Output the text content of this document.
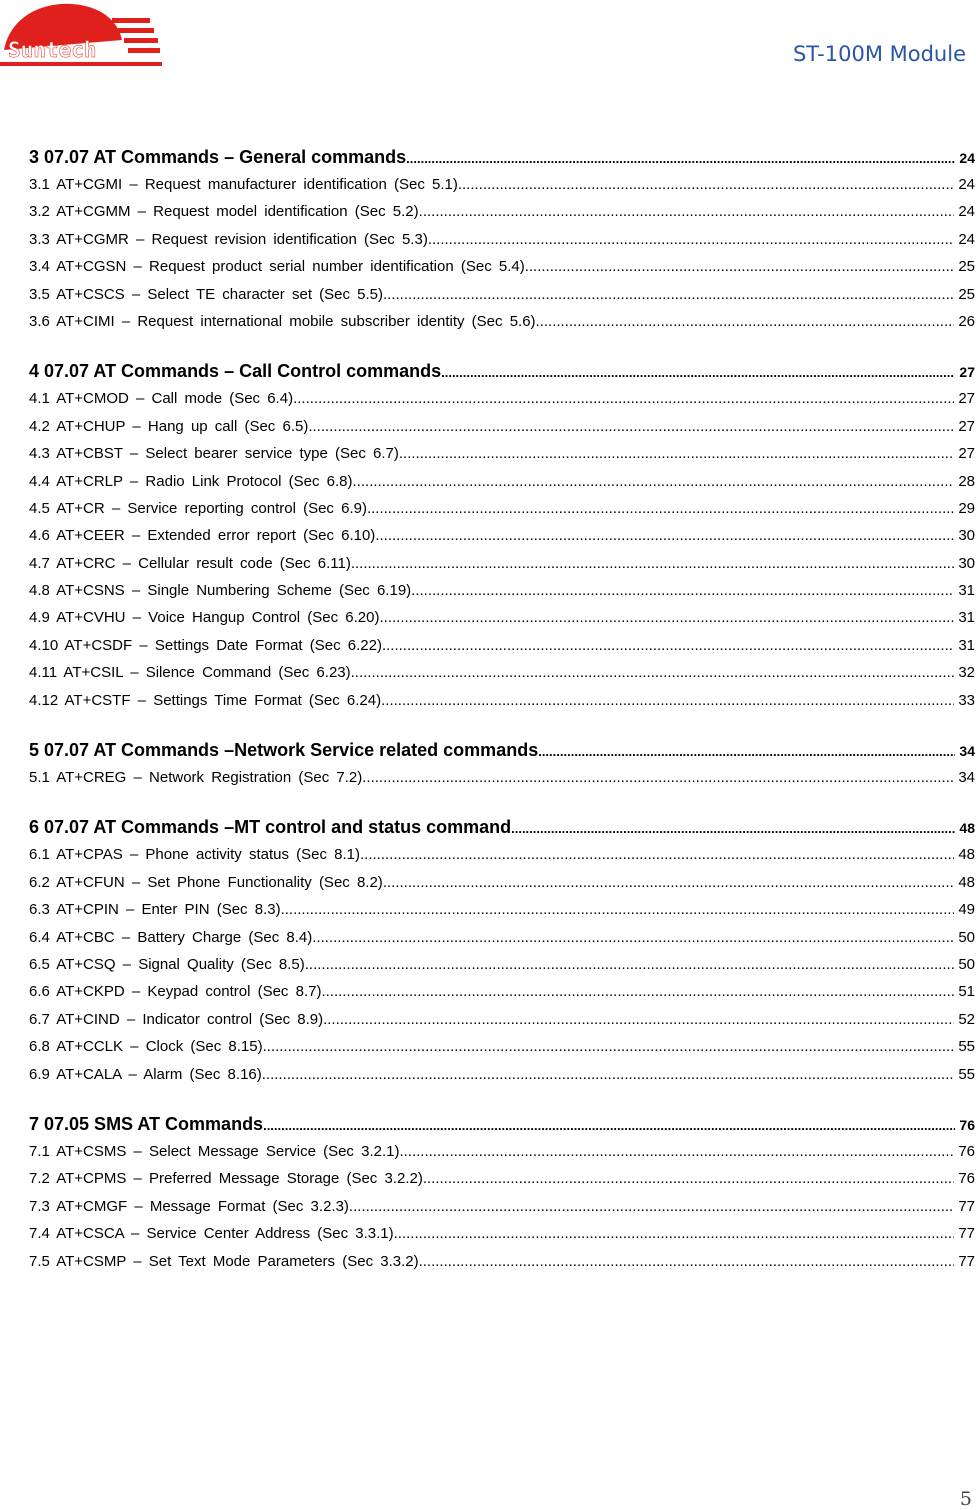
Suntech	ST-100M Module
3 07.07 AT Commands – General commands .....	24
3.1 AT+CGMI – Request manufacturer identification (Sec 5.1) .....	24
3.2 AT+CGMM – Request model identification (Sec 5.2) .....	24
3.3 AT+CGMR – Request revision identification (Sec 5.3) .....	24
3.4 AT+CGSN – Request product serial number identification (Sec 5.4) .....	25
3.5 AT+CSCS – Select TE character set (Sec 5.5) .....	25
3.6 AT+CIMI – Request international mobile subscriber identity (Sec 5.6) .....	26
4 07.07 AT Commands – Call Control commands .....	27
4.1 AT+CMOD – Call mode (Sec 6.4) .....	27
4.2 AT+CHUP – Hang up call (Sec 6.5) .....	27
4.3 AT+CBST – Select bearer service type (Sec 6.7) .....	27
4.4 AT+CRLP – Radio Link Protocol (Sec 6.8) .....	28
4.5 AT+CR – Service reporting control (Sec 6.9) .....	29
4.6 AT+CEER – Extended error report (Sec 6.10) .....	30
4.7 AT+CRC – Cellular result code (Sec 6.11) .....	30
4.8 AT+CSNS – Single Numbering Scheme (Sec 6.19) .....	31
4.9 AT+CVHU – Voice Hangup Control (Sec 6.20) .....	31
4.10 AT+CSDF – Settings Date Format (Sec 6.22) .....	31
4.11 AT+CSIL – Silence Command (Sec 6.23) .....	32
4.12 AT+CSTF – Settings Time Format (Sec 6.24) .....	33
5 07.07 AT Commands –Network Service related commands .....	34
5.1 AT+CREG – Network Registration (Sec 7.2) .....	34
6 07.07 AT Commands –MT control and status command .....	48
6.1 AT+CPAS – Phone activity status (Sec 8.1) .....	48
6.2 AT+CFUN – Set Phone Functionality (Sec 8.2) .....	48
6.3 AT+CPIN – Enter PIN (Sec 8.3) .....	49
6.4 AT+CBC – Battery Charge (Sec 8.4) .....	50
6.5 AT+CSQ – Signal Quality (Sec 8.5) .....	50
6.6 AT+CKPD – Keypad control (Sec 8.7) .....	51
6.7 AT+CIND – Indicator control (Sec 8.9) .....	52
6.8 AT+CCLK – Clock (Sec 8.15) .....	55
6.9 AT+CALA – Alarm (Sec 8.16) .....	55
7 07.05 SMS AT Commands .....	76
7.1 AT+CSMS – Select Message Service (Sec 3.2.1) .....	76
7.2 AT+CPMS – Preferred Message Storage (Sec 3.2.2) .....	76
7.3 AT+CMGF – Message Format (Sec 3.2.3) .....	77
7.4 AT+CSCA – Service Center Address (Sec 3.3.1) .....	77
7.5 AT+CSMP – Set Text Mode Parameters (Sec 3.3.2) .....	77
5
